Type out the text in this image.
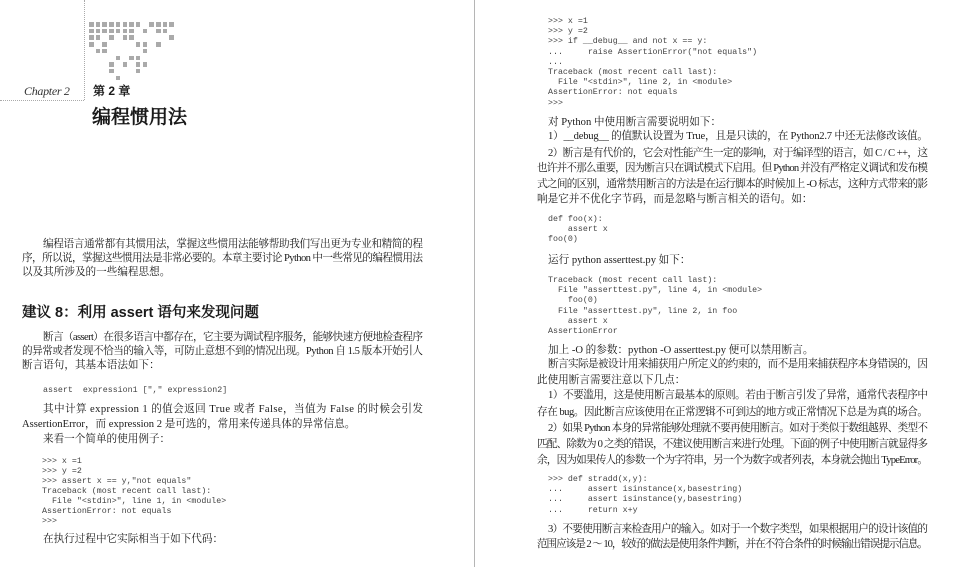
Chapter 2 第 2 章
编程惯用法
建议 8：利用 assert 语句来发现问题
编程语言通常都有其惯用法，掌握这些惯用法能够帮助我们写出更为专业和精简的程
序，所以说，掌握这些惯用法是非常必要的。本章主要讨论 Python 中一些常见的编程惯用法
以及其所涉及的一些编程思想。
断言（assert）在很多语言中都存在，它主要为调试程序服务，能够快速方便地检查程序
的异常或者发现不恰当的输入等，可防止意想不到的情况出现。Python 自 1.5 版本开始引人
断言语句，其基本语法如下：
assert  expression1 ["," expression2]
其中计算 expression 1 的值会返回 True 或者 False，当值为 False 的时候会引发
AssertionError，而 expression 2 是可选的，常用来传递具体的异常信息。
来看一个简单的使用例子：
>>> x =1
>>> y =2
>>> assert x == y,"not equals"
Traceback (most recent call last):
File "<stdin>", line 1, in <module>
AssertionError: not equals
>>>
在执行过程中它实际相当于如下代码：
>>> x =1
>>> y =2
>>> if __debug__ and not x == y:
...     raise AssertionError("not equals")
...
Traceback (most recent call last):
File "<stdin>", line 2, in <module>
AssertionError: not equals
>>>
对 Python 中使用断言需要说明如下：
1）__debug__ 的值默认设置为 True，且是只读的，在 Python2.7 中还无法修改该值。
2）断言是有代价的，它会对性能产生一定的影响，对于编译型的语言，如 C / C ++，这
也许并不那么重要，因为断言只在调试模式下启用。但 Python 并没有严格定义调试和发布模
式之间的区别，通常禁用断言的方法是在运行脚本的时候加上 -O 标志，这种方式带来的影
响是它并不优化字节码，而是忽略与断言相关的语句。如：
def foo(x):
assert x
foo(0)
运行 python asserttest.py 如下：
Traceback (most recent call last):
File "asserttest.py", line 4, in <module>
foo(0)
File "asserttest.py", line 2, in foo
assert x
AssertionError
加上 -O 的参数：python -O asserttest.py 便可以禁用断言。
断言实际是被设计用来捕获用户所定义的约束的，而不是用来捕获程序本身错误的，因
此使用断言需要注意以下几点：
1）不要滥用，这是使用断言最基本的原则。若由于断言引发了异常，通常代表程序中
存在 bug。因此断言应该使用在正常逻辑不可到达的地方或正常情况下总是为真的场合。
2）如果 Python 本身的异常能够处理就不要再使用断言。如对于类似于数组越界、类型不
匹配、除数为 0 之类的错误，不建议使用断言来进行处理。下面的例子中使用断言就显得多
余，因为如果传人的参数一个为字符串，另一个为数字或者列表，本身就会抛出 TypeError。
>>> def stradd(x,y):
...     assert isinstance(x,basestring)
...     assert isinstance(y,basestring)
...     return x+y
3）不要使用断言来检查用户的输入。如对于一个数字类型，如果根据用户的设计该值的
范围应该是 2 ～ 10，较好的做法是使用条件判断，并在不符合条件的时候输出错误提示信息。
